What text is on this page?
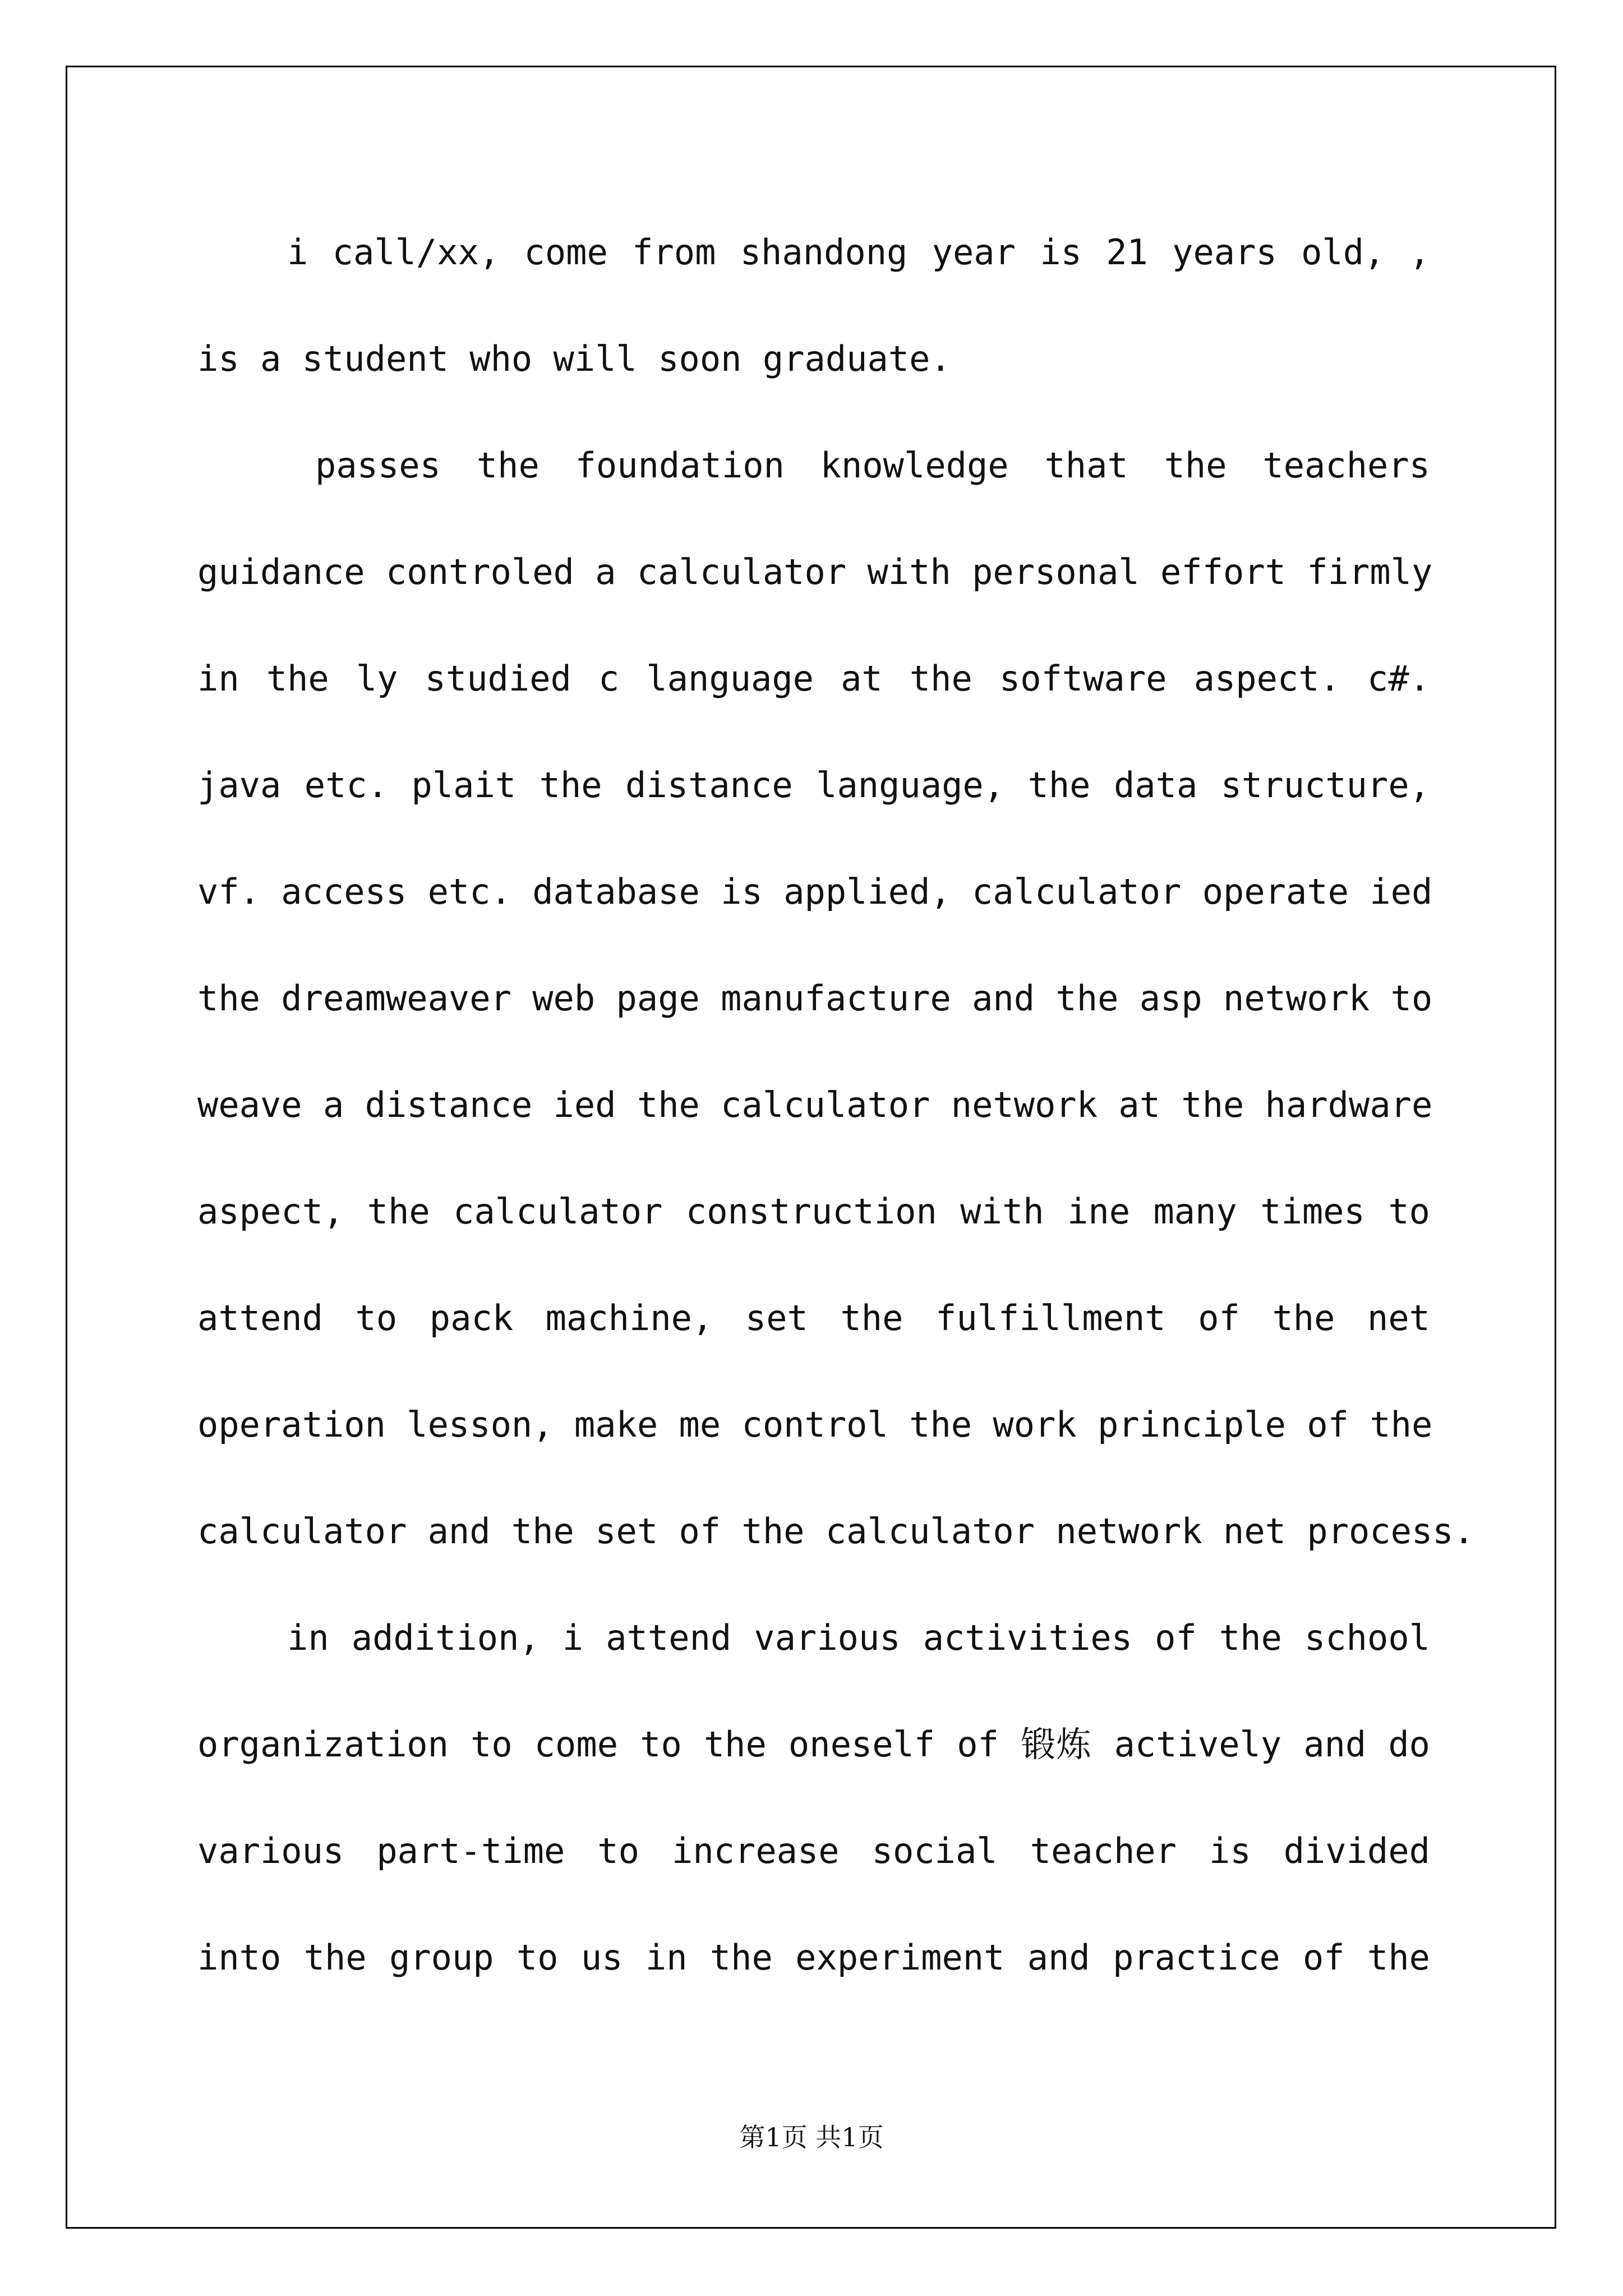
i call/xx, come from shandong year is 21 years old, ,
is a student who will soon graduate.
passes the foundation knowledge that the teachers
guidance controled a calculator with personal effort firmly
in the ly studied c language at the software aspect. c#.
java etc. plait the distance language, the data structure,
vf. access etc. database is applied, calculator operate ied
the dreamweaver web page manufacture and the asp network to
weave a distance ied the calculator network at the hardware
aspect, the calculator construction with ine many times to
attend to pack machine, set the fulfillment of the net
operation lesson, make me control the work principle of the
calculator and the set of the calculator network net process.
in addition, i attend various activities of the school
organization to come to the oneself of 锻炼 actively and do
various part-time to increase social teacher is divided
into the group to us in the experiment and practice of the
第1页 共1页
